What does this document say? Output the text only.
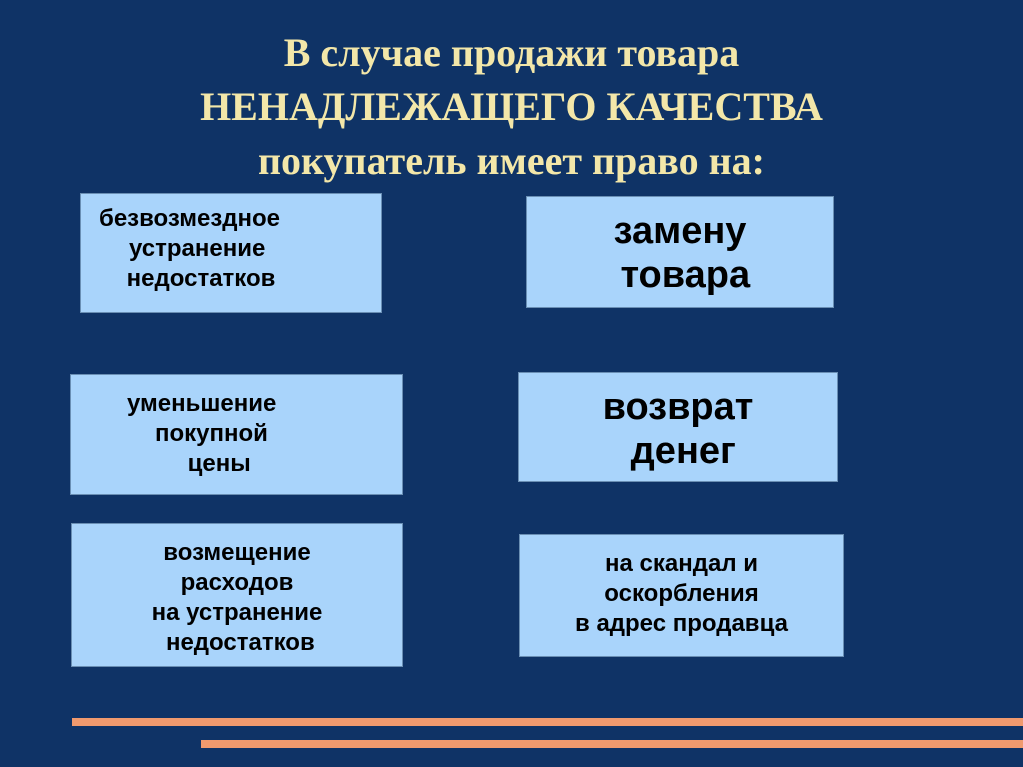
В случае продажи товара
НЕНАДЛЕЖАЩЕГО КАЧЕСТВА
покупатель имеет право на:
безвозмездное
устранение
недостатков
уменьшение
покупной
цены
возмещение
расходов
на устранение
недостатков
замену
товара
возврат
денег
на скандал и
оскорбления
в адрес продавца
